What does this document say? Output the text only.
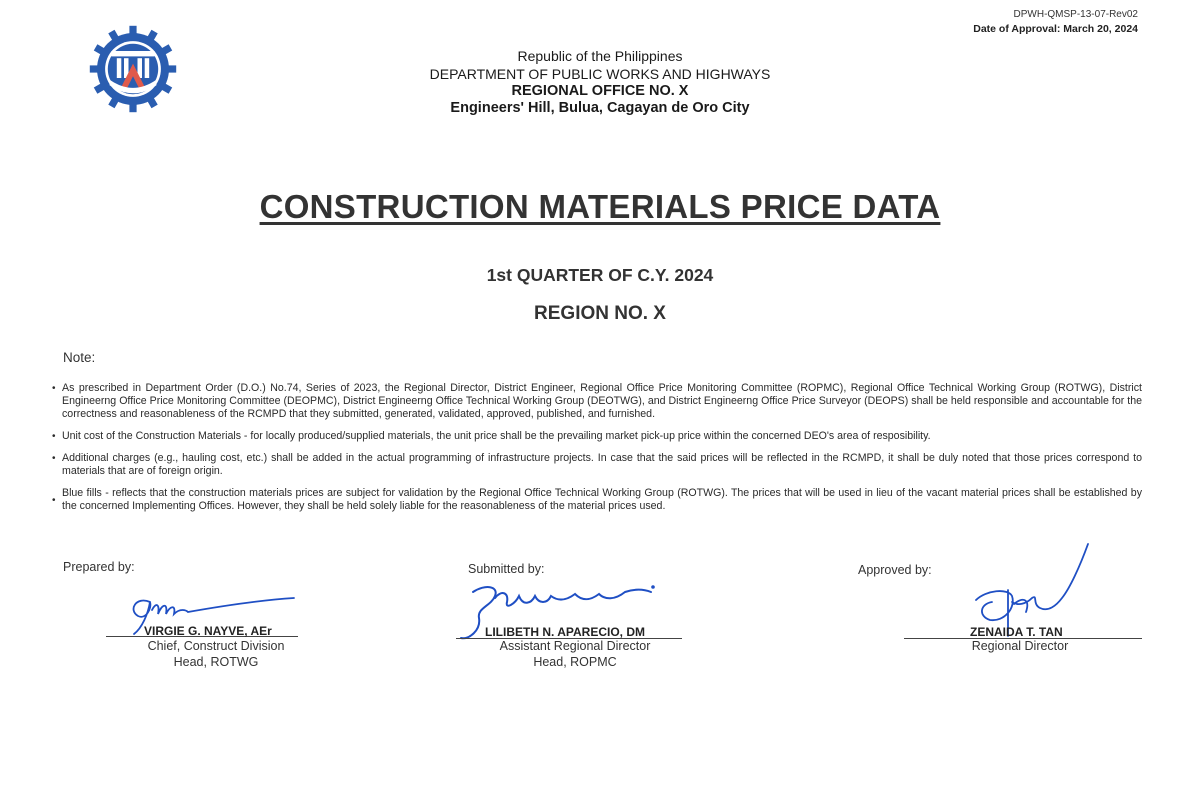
DPWH-QMSP-13-07-Rev02
Date of Approval: March 20, 2024
Republic of the Philippines
DEPARTMENT OF PUBLIC WORKS AND HIGHWAYS
REGIONAL OFFICE NO. X
Engineers' Hill, Bulua, Cagayan de Oro City
CONSTRUCTION MATERIALS PRICE DATA
1st QUARTER OF C.Y. 2024
REGION NO. X
Note:
• As prescribed in Department Order (D.O.) No.74, Series of 2023, the Regional Director, District Engineer, Regional Office Price Monitoring Committee (ROPMC), Regional Office Technical Working Group (ROTWG), District Engineerng Office Price Monitoring Committee (DEOPMC), District Engineerng Office Technical Working Group (DEOTWG), and District Engineerng Office Price Surveyor (DEOPS) shall be held responsible and accountable for the correctness and reasonableness of the RCMPD that they submitted, generated, validated, approved, published, and furnished.
• Unit cost of the Construction Materials - for locally produced/supplied materials, the unit price shall be the prevailing market pick-up price within the concerned DEO's area of resposibility.
• Additional charges (e.g., hauling cost, etc.) shall be added in the actual programming of infrastructure projects. In case that the said prices will be reflected in the RCMPD, it shall be duly noted that those prices correspond to materials that are of foreign origin.
•
Blue fills - reflects that the construction materials prices are subject for validation by the Regional Office Technical Working Group (ROTWG). The prices that will be used in lieu of the vacant material prices shall be established by the concerned Implementing Offices. However, they shall be held solely liable for the reasonableness of the material prices used.
Prepared by:
VIRGIE G. NAYVE, AEr
Chief, Construct Division
Head, ROTWG
Submitted by:
LILIBETH N. APARECIO, DM
Assistant Regional Director
Head, ROPMC
Approved by:
ZENAIDA T. TAN
Regional Director
